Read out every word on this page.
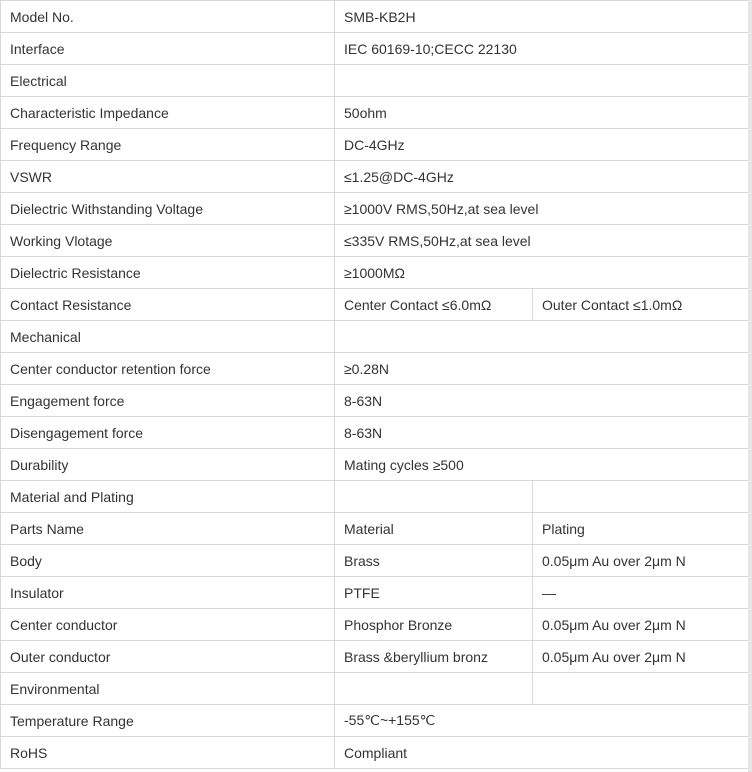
Model No.	SMB-KB2H	
Interface	IEC 60169-10;CECC 22130	
Electrical		
Characteristic Impedance	50ohm	
Frequency Range	DC-4GHz	
VSWR	≤1.25@DC-4GHz	
Dielectric Withstanding Voltage	≥1000V RMS,50Hz,at sea level	
Working Vlotage	≤335V RMS,50Hz,at sea level	
Dielectric Resistance	≥1000MΩ	
Contact Resistance	Center Contact ≤6.0mΩ	Outer Contact ≤1.0mΩ
Mechanical		
Center conductor retention force	≥0.28N	
Engagement force	8-63N	
Disengagement force	8-63N	
Durability	Mating cycles ≥500	
Material and Plating		
Parts Name	Material	Plating
Body	Brass	0.05μm Au over 2μm N
Insulator	PTFE	—
Center conductor	Phosphor Bronze	0.05μm Au over 2μm N
Outer conductor	Brass &beryllium bronz	0.05μm Au over 2μm N
Environmental		
Temperature Range	-55℃~+155℃	
RoHS	Compliant	
